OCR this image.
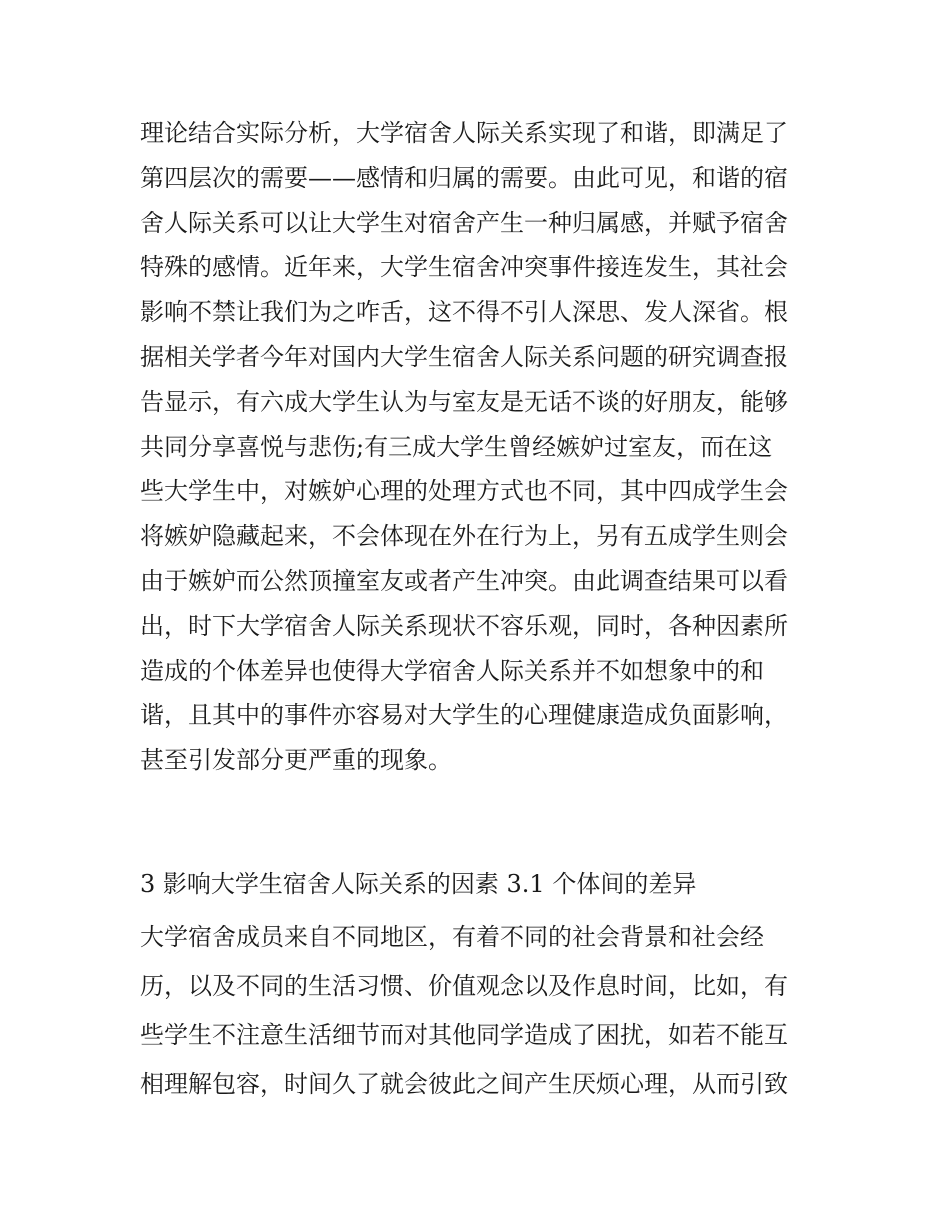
理论结合实际分析，大学宿舍人际关系实现了和谐，即满足了
第四层次的需要——感情和归属的需要。由此可见，和谐的宿
舍人际关系可以让大学生对宿舍产生一种归属感，并赋予宿舍
特殊的感情。近年来，大学生宿舍冲突事件接连发生，其社会
影响不禁让我们为之咋舌，这不得不引人深思、发人深省。根
据相关学者今年对国内大学生宿舍人际关系问题的研究调查报
告显示，有六成大学生认为与室友是无话不谈的好朋友，能够
共同分享喜悦与悲伤;有三成大学生曾经嫉妒过室友，而在这
些大学生中，对嫉妒心理的处理方式也不同，其中四成学生会
将嫉妒隐藏起来，不会体现在外在行为上，另有五成学生则会
由于嫉妒而公然顶撞室友或者产生冲突。由此调查结果可以看
出，时下大学宿舍人际关系现状不容乐观，同时，各种因素所
造成的个体差异也使得大学宿舍人际关系并不如想象中的和
谐，且其中的事件亦容易对大学生的心理健康造成负面影响，
甚至引发部分更严重的现象。
3 影响大学生宿舍人际关系的因素 3.1 个体间的差异
大学宿舍成员来自不同地区，有着不同的社会背景和社会经
历，以及不同的生活习惯、价值观念以及作息时间，比如，有
些学生不注意生活细节而对其他同学造成了困扰，如若不能互
相理解包容，时间久了就会彼此之间产生厌烦心理，从而引致
